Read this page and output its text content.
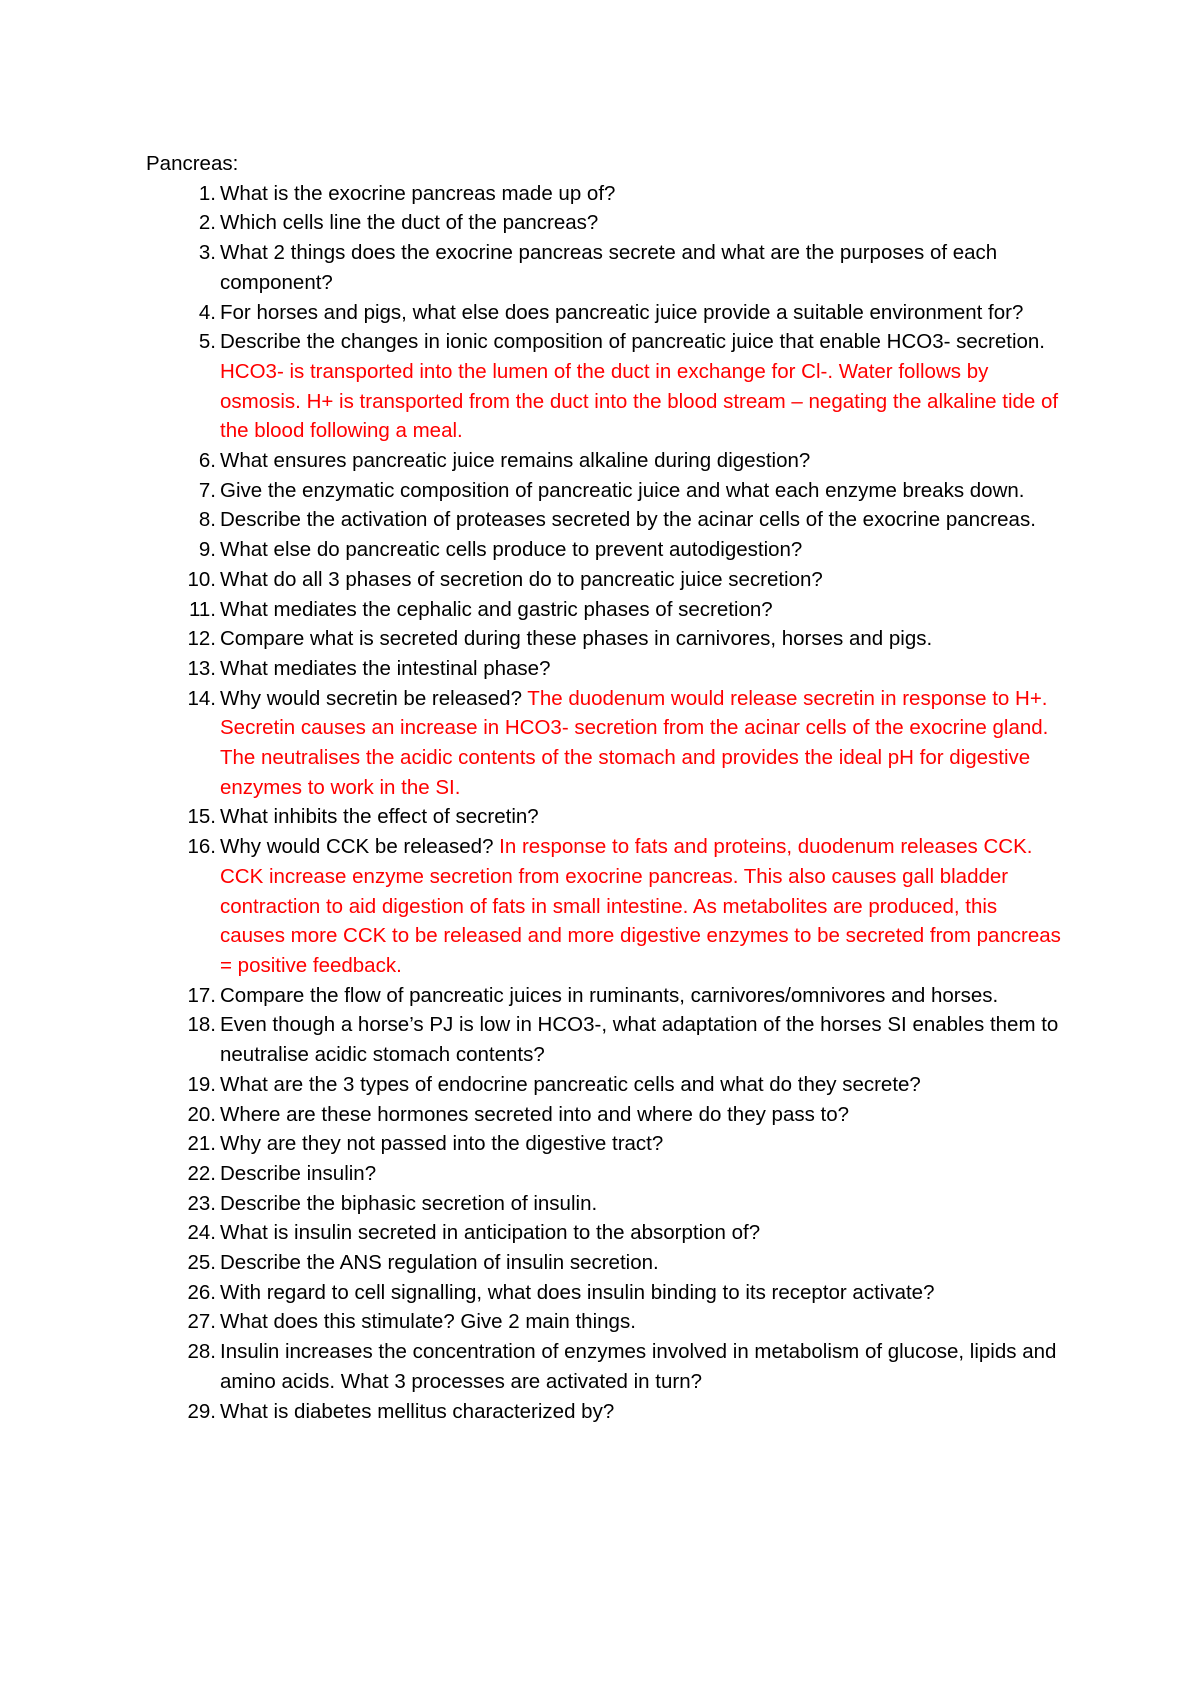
Pancreas:

1. What is the exocrine pancreas made up of?
2. Which cells line the duct of the pancreas?
3. What 2 things does the exocrine pancreas secrete and what are the purposes of each component?
4. For horses and pigs, what else does pancreatic juice provide a suitable environment for?
5. Describe the changes in ionic composition of pancreatic juice that enable HCO3- secretion. HCO3- is transported into the lumen of the duct in exchange for Cl-. Water follows by osmosis. H+ is transported from the duct into the blood stream – negating the alkaline tide of the blood following a meal.
6. What ensures pancreatic juice remains alkaline during digestion?
7. Give the enzymatic composition of pancreatic juice and what each enzyme breaks down.
8. Describe the activation of proteases secreted by the acinar cells of the exocrine pancreas.
9. What else do pancreatic cells produce to prevent autodigestion?
10. What do all 3 phases of secretion do to pancreatic juice secretion?
11. What mediates the cephalic and gastric phases of secretion?
12. Compare what is secreted during these phases in carnivores, horses and pigs.
13. What mediates the intestinal phase?
14. Why would secretin be released? The duodenum would release secretin in response to H+. Secretin causes an increase in HCO3- secretion from the acinar cells of the exocrine gland. The neutralises the acidic contents of the stomach and provides the ideal pH for digestive enzymes to work in the SI.
15. What inhibits the effect of secretin?
16. Why would CCK be released? In response to fats and proteins, duodenum releases CCK. CCK increase enzyme secretion from exocrine pancreas. This also causes gall bladder contraction to aid digestion of fats in small intestine. As metabolites are produced, this causes more CCK to be released and more digestive enzymes to be secreted from pancreas = positive feedback.
17. Compare the flow of pancreatic juices in ruminants, carnivores/omnivores and horses.
18. Even though a horse’s PJ is low in HCO3-, what adaptation of the horses SI enables them to neutralise acidic stomach contents?
19. What are the 3 types of endocrine pancreatic cells and what do they secrete?
20. Where are these hormones secreted into and where do they pass to?
21. Why are they not passed into the digestive tract?
22. Describe insulin?
23. Describe the biphasic secretion of insulin.
24. What is insulin secreted in anticipation to the absorption of?
25. Describe the ANS regulation of insulin secretion.
26. With regard to cell signalling, what does insulin binding to its receptor activate?
27. What does this stimulate? Give 2 main things.
28. Insulin increases the concentration of enzymes involved in metabolism of glucose, lipids and amino acids. What 3 processes are activated in turn?
29. What is diabetes mellitus characterized by?
